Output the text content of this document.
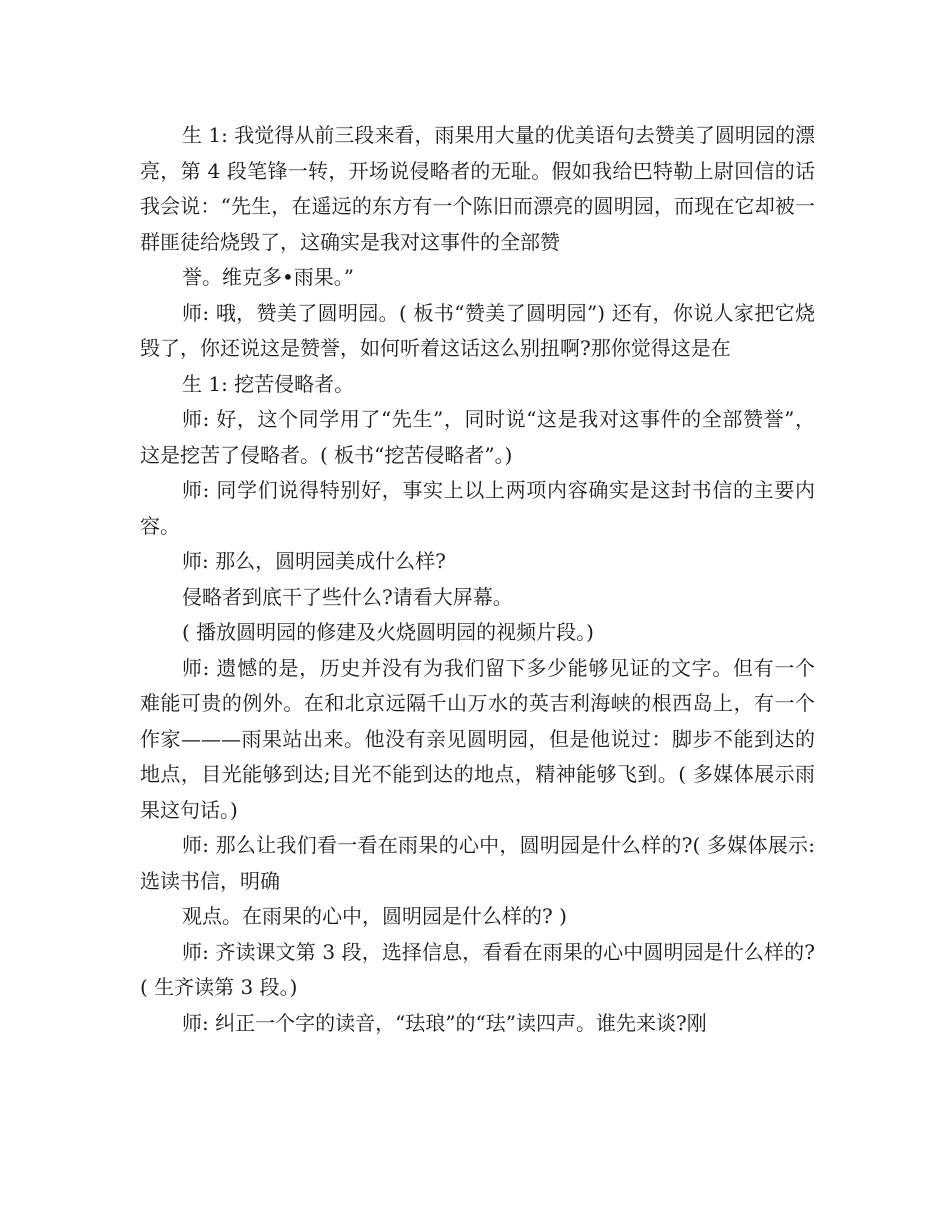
生 1: 我觉得从前三段来看，雨果用大量的优美语句去赞美了圆明园的漂亮，第 4 段笔锋一转，开场说侵略者的无耻。假如我给巴特勒上尉回信的话我会说：“先生，在遥远的东方有一个陈旧而漂亮的圆明园，而现在它却被一群匪徒给烧毁了，这确实是我对这事件的全部赞

誉。维克多•雨果。”

师: 哦，赞美了圆明园。( 板书“赞美了圆明园”) 还有，你说人家把它烧毁了，你还说这是赞誉，如何听着这话这么别扭啊?那你觉得这是在

生 1: 挖苦侵略者。

师: 好，这个同学用了“先生”，同时说“这是我对这事件的全部赞誉”，这是挖苦了侵略者。( 板书“挖苦侵略者”。)

师: 同学们说得特别好，事实上以上两项内容确实是这封书信的主要内容。

师: 那么，圆明园美成什么样?

侵略者到底干了些什么?请看大屏幕。

( 播放圆明园的修建及火烧圆明园的视频片段。)

师: 遗憾的是，历史并没有为我们留下多少能够见证的文字。但有一个难能可贵的例外。在和北京远隔千山万水的英吉利海峡的根西岛上，有一个作家———雨果站出来。他没有亲见圆明园，但是他说过：脚步不能到达的地点，目光能够到达;目光不能到达的地点，精神能够飞到。( 多媒体展示雨果这句话。)

师: 那么让我们看一看在雨果的心中，圆明园是什么样的?( 多媒体展示: 选读书信，明确

观点。在雨果的心中，圆明园是什么样的? )

师: 齐读课文第 3 段，选择信息，看看在雨果的心中圆明园是什么样的?( 生齐读第 3 段。)

师: 纠正一个字的读音，“珐琅”的“珐”读四声。谁先来谈?刚
